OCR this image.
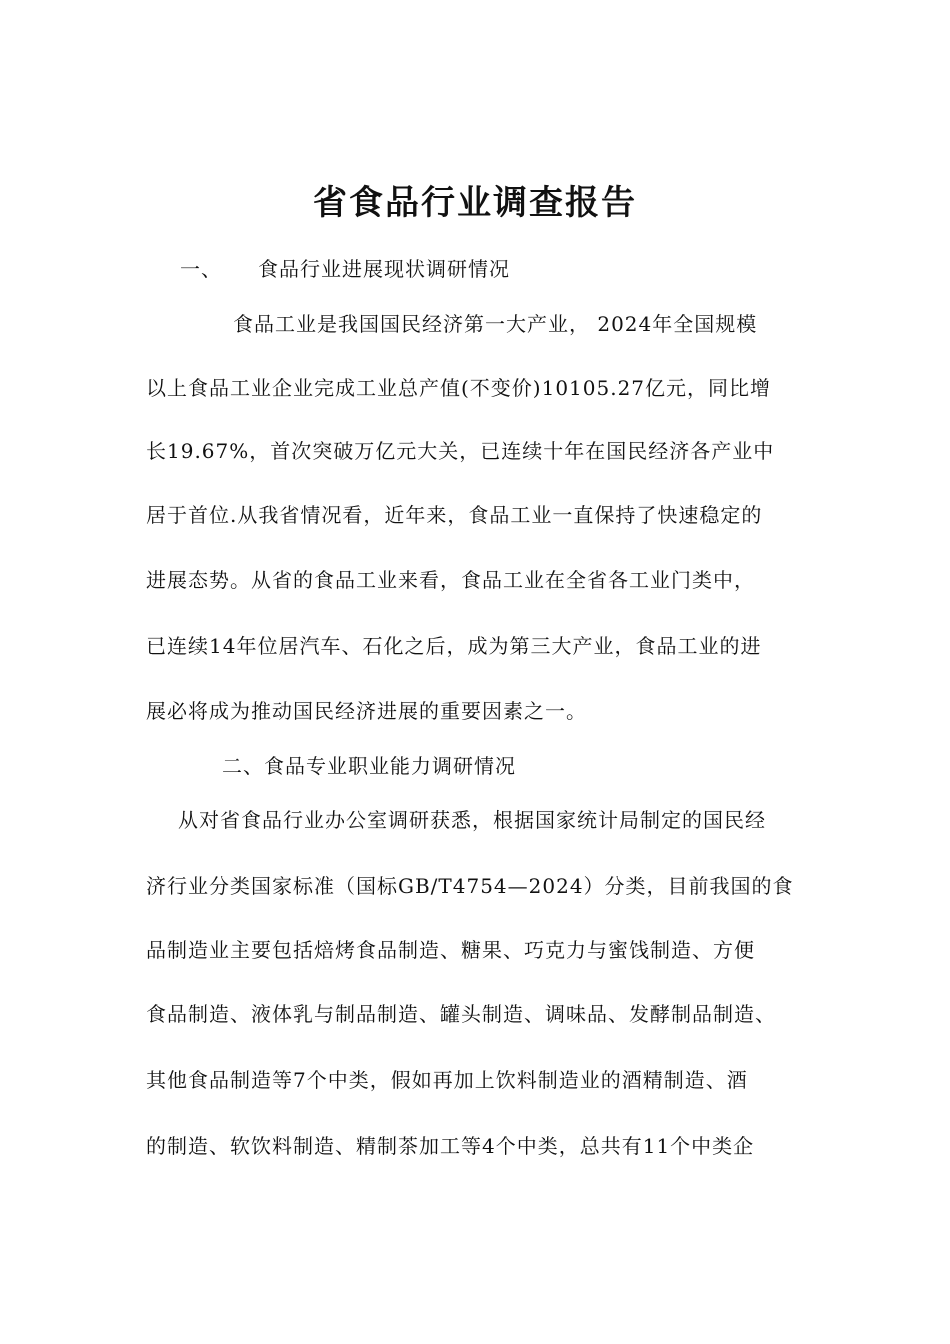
省食品行业调查报告
一、 食品行业进展现状调研情况
食品工业是我国国民经济第一大产业， 2024年全国规模
以上食品工业企业完成工业总产值(不变价)10105.27亿元，同比增
长19.67%，首次突破万亿元大关，已连续十年在国民经济各产业中
居于首位.从我省情况看，近年来，食品工业一直保持了快速稳定的
进展态势。从省的食品工业来看，食品工业在全省各工业门类中，
已连续14年位居汽车、石化之后，成为第三大产业，食品工业的进
展必将成为推动国民经济进展的重要因素之一。
二、食品专业职业能力调研情况
从对省食品行业办公室调研获悉，根据国家统计局制定的国民经
济行业分类国家标准（国标GB/T4754—2024）分类，目前我国的食
品制造业主要包括焙烤食品制造、糖果、巧克力与蜜饯制造、方便
食品制造、液体乳与制品制造、罐头制造、调味品、发酵制品制造、
其他食品制造等7个中类，假如再加上饮料制造业的酒精制造、酒
的制造、软饮料制造、精制茶加工等4个中类，总共有11个中类企
